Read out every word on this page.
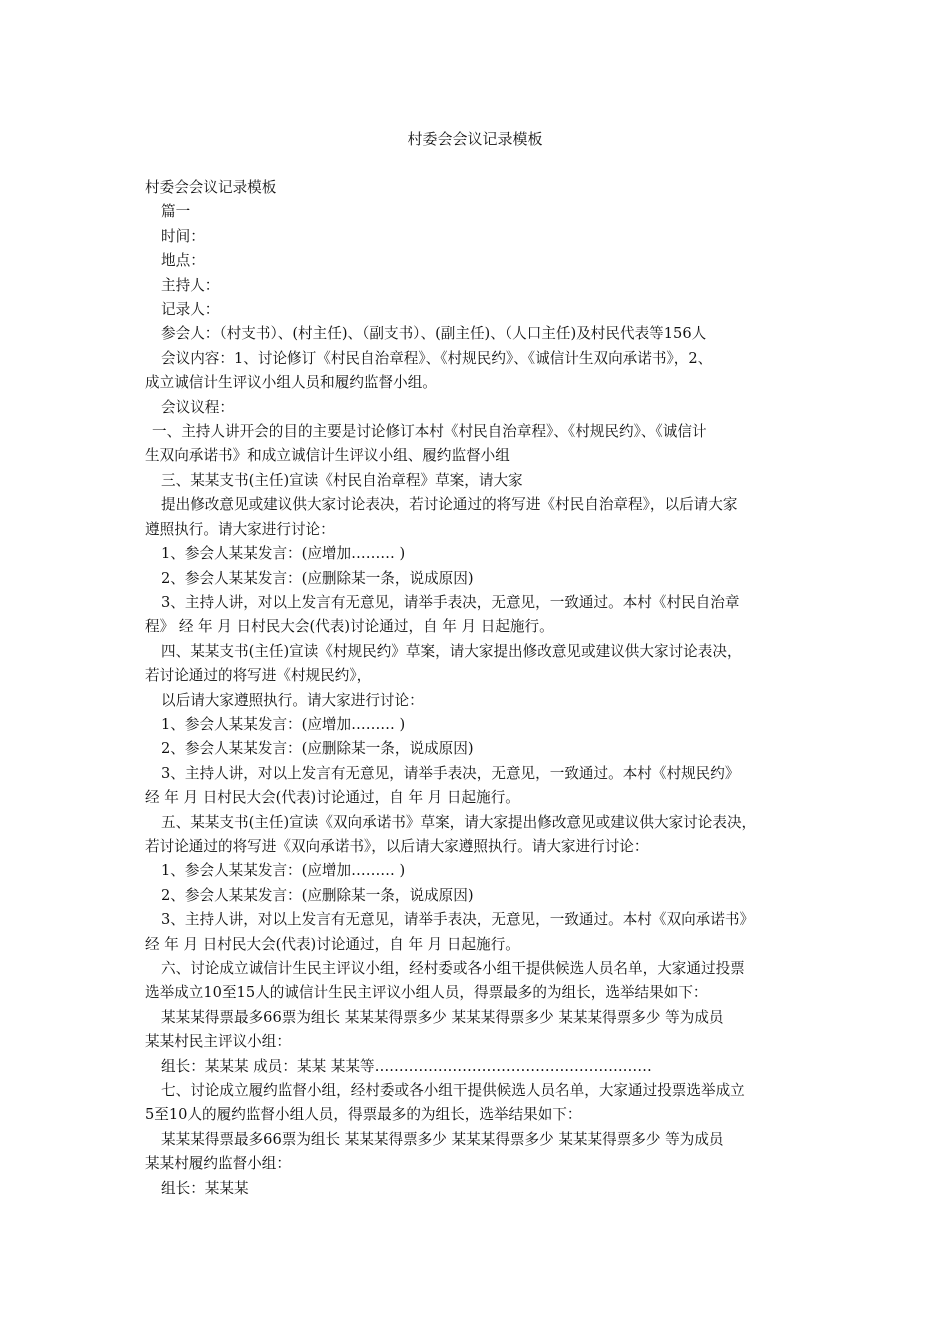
村委会会议记录模板
村委会会议记录模板
篇一
时间：
地点：
主持人：
记录人：
参会人：（村支书）、(村主任)、（副支书）、(副主任)、（人口主任)及村民代表等156人
会议内容：1、讨论修订《村民自治章程》、《村规民约》、《诚信计生双向承诺书》，2、
成立诚信计生评议小组人员和履约监督小组。
会议议程：
一、主持人讲开会的目的主要是讨论修订本村《村民自治章程》、《村规民约》、《诚信计
生双向承诺书》和成立诚信计生评议小组、履约监督小组
三、某某支书(主任)宣读《村民自治章程》草案，请大家
提出修改意见或建议供大家讨论表决，若讨论通过的将写进《村民自治章程》，以后请大家
遵照执行。请大家进行讨论：
1、参会人某某发言：(应增加……… )
2、参会人某某发言：(应删除某一条，说成原因)
3、主持人讲，对以上发言有无意见，请举手表决，无意见，一致通过。本村《村民自治章
程》 经 年 月 日村民大会(代表)讨论通过，自 年 月 日起施行。
四、某某支书(主任)宣读《村规民约》草案，请大家提出修改意见或建议供大家讨论表决，
若讨论通过的将写进《村规民约》，
以后请大家遵照执行。请大家进行讨论：
1、参会人某某发言：(应增加……… )
2、参会人某某发言：(应删除某一条，说成原因)
3、主持人讲，对以上发言有无意见，请举手表决，无意见，一致通过。本村《村规民约》
经 年 月 日村民大会(代表)讨论通过，自 年 月 日起施行。
五、某某支书(主任)宣读《双向承诺书》草案，请大家提出修改意见或建议供大家讨论表决，
若讨论通过的将写进《双向承诺书》，以后请大家遵照执行。请大家进行讨论：
1、参会人某某发言：(应增加……… )
2、参会人某某发言：(应删除某一条，说成原因)
3、主持人讲，对以上发言有无意见，请举手表决，无意见，一致通过。本村《双向承诺书》
经 年 月 日村民大会(代表)讨论通过，自 年 月 日起施行。
六、讨论成立诚信计生民主评议小组，经村委或各小组干提供候选人员名单，大家通过投票
选举成立10至15人的诚信计生民主评议小组人员，得票最多的为组长，选举结果如下：
某某某得票最多66票为组长 某某某得票多少 某某某得票多少 某某某得票多少 等为成员
某某村民主评议小组：
组长：某某某 成员：某某 某某等…………………………………………………
七、讨论成立履约监督小组，经村委或各小组干提供候选人员名单，大家通过投票选举成立
5至10人的履约监督小组人员，得票最多的为组长，选举结果如下：
某某某得票最多66票为组长 某某某得票多少 某某某得票多少 某某某得票多少 等为成员
某某村履约监督小组：
组长：某某某
